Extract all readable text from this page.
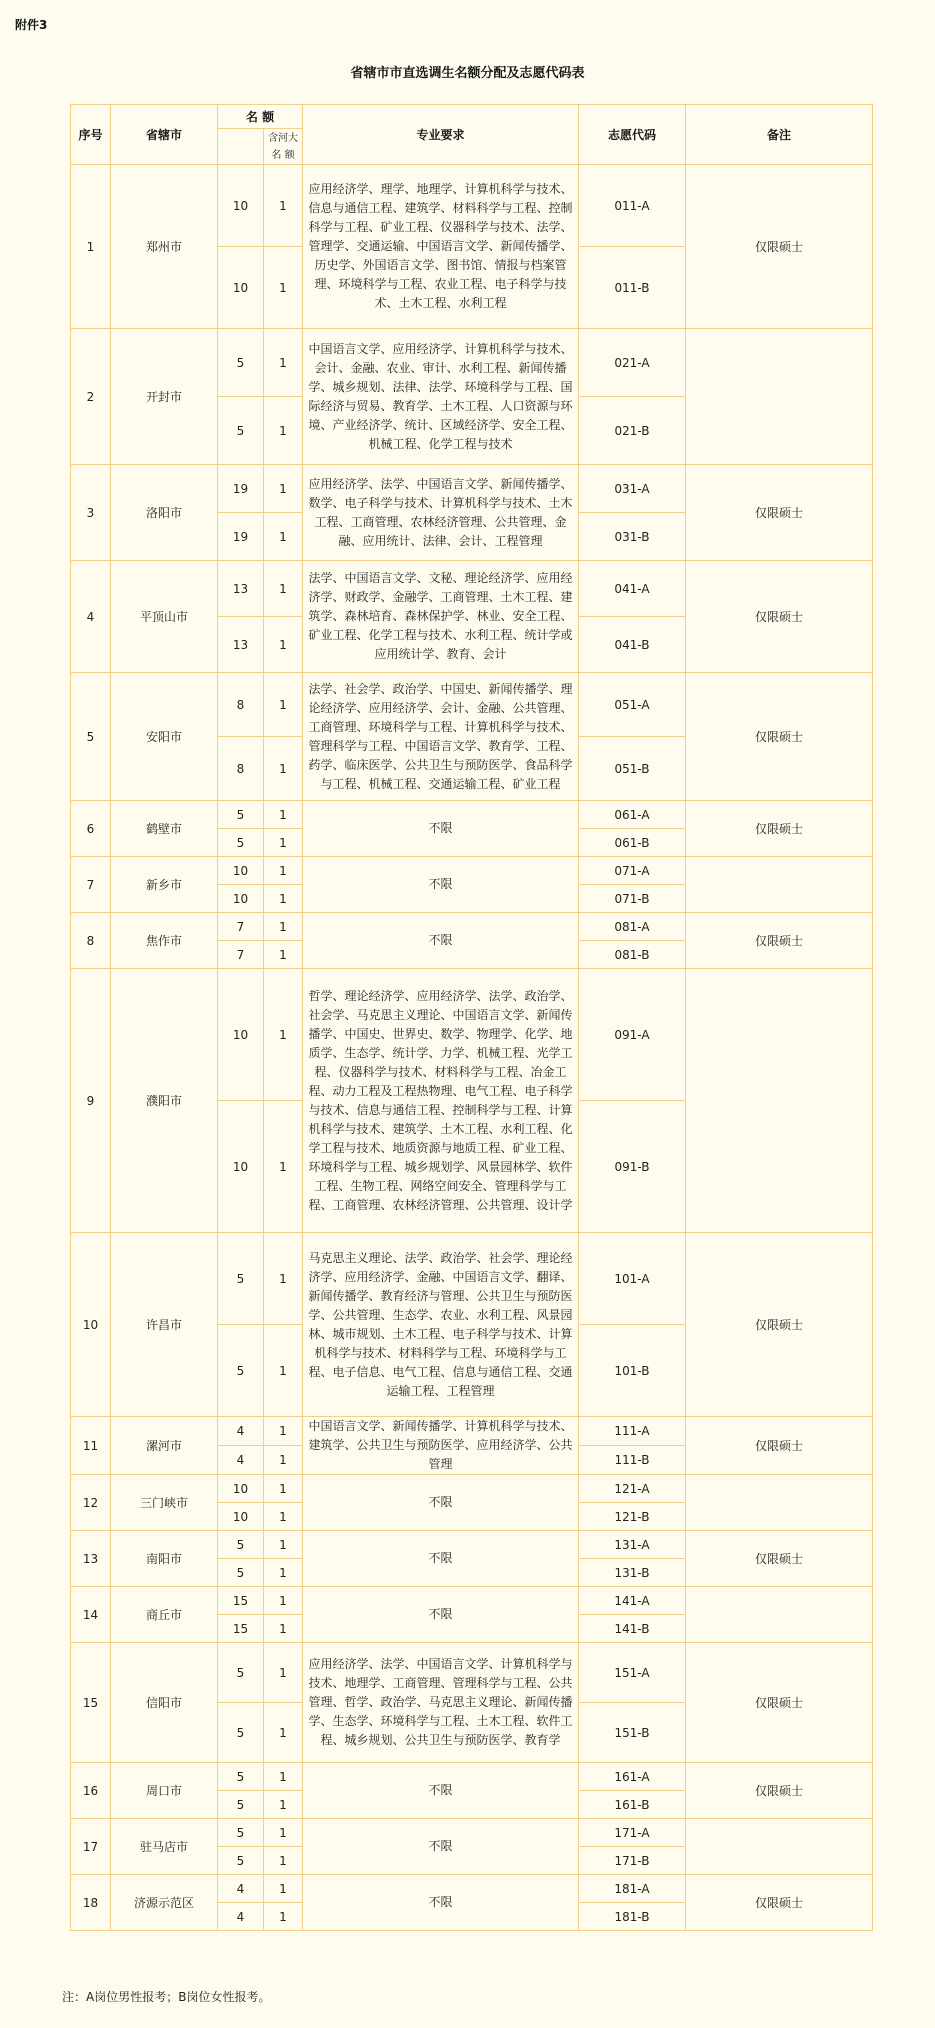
附件3
省辖市市直选调生名额分配及志愿代码表
序号	省辖市	名 额		专业要求	志愿代码	备注
			含河大
名 额			
1	郑州市	10	1	应用经济学、理学、地理学、计算机科学与技术、信息与通信工程、建筑学、材料科学与工程、控制科学与工程、矿业工程、仪器科学与技术、法学、管理学、交通运输、中国语言文学、新闻传播学、历史学、外国语言文学、图书馆、情报与档案管理、环境科学与工程、农业工程、电子科学与技术、土木工程、水利工程	011-A	仅限硕士
		10	1		011-B	
2	开封市	5	1	中国语言文学、应用经济学、计算机科学与技术、会计、金融、农业、审计、水利工程、新闻传播学、城乡规划、法律、法学、环境科学与工程、国际经济与贸易、教育学、土木工程、人口资源与环境、产业经济学、统计、区域经济学、安全工程、机械工程、化学工程与技术	021-A	
		5	1		021-B	
3	洛阳市	19	1	应用经济学、法学、中国语言文学、新闻传播学、数学、电子科学与技术、计算机科学与技术、土木工程、工商管理、农林经济管理、公共管理、金融、应用统计、法律、会计、工程管理	031-A	仅限硕士
		19	1		031-B	
4	平顶山市	13	1	法学、中国语言文学、文秘、理论经济学、应用经济学、财政学、金融学、工商管理、土木工程、建筑学、森林培育、森林保护学、林业、安全工程、矿业工程、化学工程与技术、水利工程、统计学或应用统计学、教育、会计	041-A	仅限硕士
		13	1		041-B	
5	安阳市	8	1	法学、社会学、政治学、中国史、新闻传播学、理论经济学、应用经济学、会计、金融、公共管理、工商管理、环境科学与工程、计算机科学与技术、管理科学与工程、中国语言文学、教育学、工程、药学、临床医学、公共卫生与预防医学、食品科学与工程、机械工程、交通运输工程、矿业工程	051-A	仅限硕士
		8	1		051-B	
6	鹤壁市	5	1	不限	061-A	仅限硕士
		5	1		061-B	
7	新乡市	10	1	不限	071-A	
		10	1		071-B	
8	焦作市	7	1	不限	081-A	仅限硕士
		7	1		081-B	
9	濮阳市	10	1	哲学、理论经济学、应用经济学、法学、政治学、社会学、马克思主义理论、中国语言文学、新闻传播学、中国史、世界史、数学、物理学、化学、地质学、生态学、统计学、力学、机械工程、光学工程、仪器科学与技术、材料科学与工程、冶金工程、动力工程及工程热物理、电气工程、电子科学与技术、信息与通信工程、控制科学与工程、计算机科学与技术、建筑学、土木工程、水利工程、化学工程与技术、地质资源与地质工程、矿业工程、环境科学与工程、城乡规划学、风景园林学、软件工程、生物工程、网络空间安全、管理科学与工程、工商管理、农林经济管理、公共管理、设计学	091-A	
		10	1		091-B	
10	许昌市	5	1	马克思主义理论、法学、政治学、社会学、理论经济学、应用经济学、金融、中国语言文学、翻译、新闻传播学、教育经济与管理、公共卫生与预防医学、公共管理、生态学、农业、水利工程、风景园林、城市规划、土木工程、电子科学与技术、计算机科学与技术、材料科学与工程、环境科学与工程、电子信息、电气工程、信息与通信工程、交通运输工程、工程管理	101-A	仅限硕士
		5	1		101-B	
11	漯河市	4	1	中国语言文学、新闻传播学、计算机科学与技术、建筑学、公共卫生与预防医学、应用经济学、公共管理	111-A	仅限硕士
		4	1		111-B	
12	三门峡市	10	1	不限	121-A	
		10	1		121-B	
13	南阳市	5	1	不限	131-A	仅限硕士
		5	1		131-B	
14	商丘市	15	1	不限	141-A	
		15	1		141-B	
15	信阳市	5	1	应用经济学、法学、中国语言文学、计算机科学与技术、地理学、工商管理、管理科学与工程、公共管理、哲学、政治学、马克思主义理论、新闻传播学、生态学、环境科学与工程、土木工程、软件工程、城乡规划、公共卫生与预防医学、教育学	151-A	仅限硕士
		5	1		151-B	
16	周口市	5	1	不限	161-A	仅限硕士
		5	1		161-B	
17	驻马店市	5	1	不限	171-A	
		5	1		171-B	
18	济源示范区	4	1	不限	181-A	仅限硕士
		4	1		181-B	
注：A岗位男性报考；B岗位女性报考。
